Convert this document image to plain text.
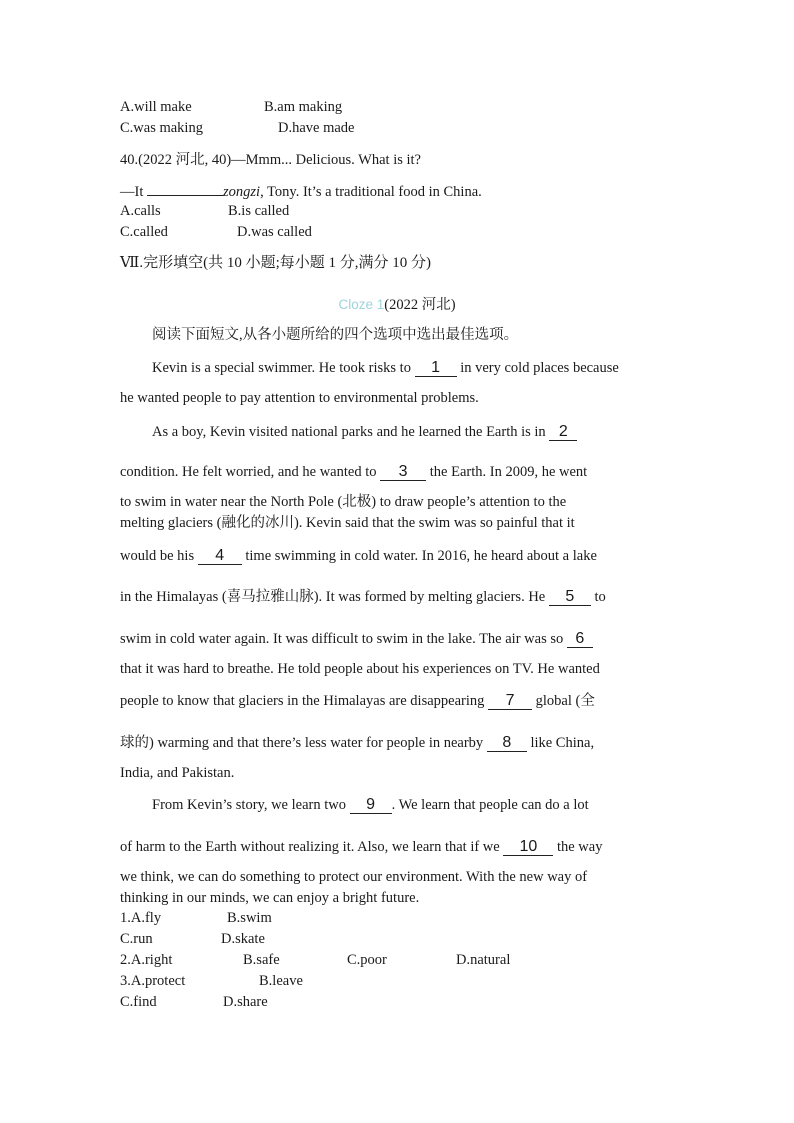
A.will make	B.am making
C.was making	D.have made
40.(2022 河北, 40)—Mmm... Delicious. What is it?
—It	zongzi, Tony. It’s a traditional food in China.
A.calls	B.is called
C.called	D.was called
Ⅶ.完形填空(共 10 小题;每小题 1 分,满分 10 分)
Cloze 1(2022 河北)
阅读下面短文,从各小题所给的四个选项中选出最佳选项。
Kevin is a special swimmer. He took risks to 1 in very cold places because
he wanted people to pay attention to environmental problems.
As a boy, Kevin visited national parks and he learned the Earth is in 2
condition. He felt worried, and he wanted to 3 the Earth. In 2009, he went
to swim in water near the North Pole (北极) to draw people’s attention to the
melting glaciers (融化的冰川). Kevin said that the swim was so painful that it
would be his 4 time swimming in cold water. In 2016, he heard about a lake
in the Himalayas (喜马拉雅山脉). It was formed by melting glaciers. He 5 to
swim in cold water again. It was difficult to swim in the lake. The air was so 6
that it was hard to breathe. He told people about his experiences on TV. He wanted
people to know that glaciers in the Himalayas are disappearing 7 global (全
球的) warming and that there’s less water for people in nearby 8 like China,
India, and Pakistan.
From Kevin’s story, we learn two 9 . We learn that people can do a lot
of harm to the Earth without realizing it. Also, we learn that if we 10 the way
we think, we can do something to protect our environment. With the new way of
thinking in our minds, we can enjoy a bright future.
1.A.fly	B.swim
C.run	D.skate
2.A.right	B.safe	C.poor	D.natural
3.A.protect	B.leave
C.find	D.share
